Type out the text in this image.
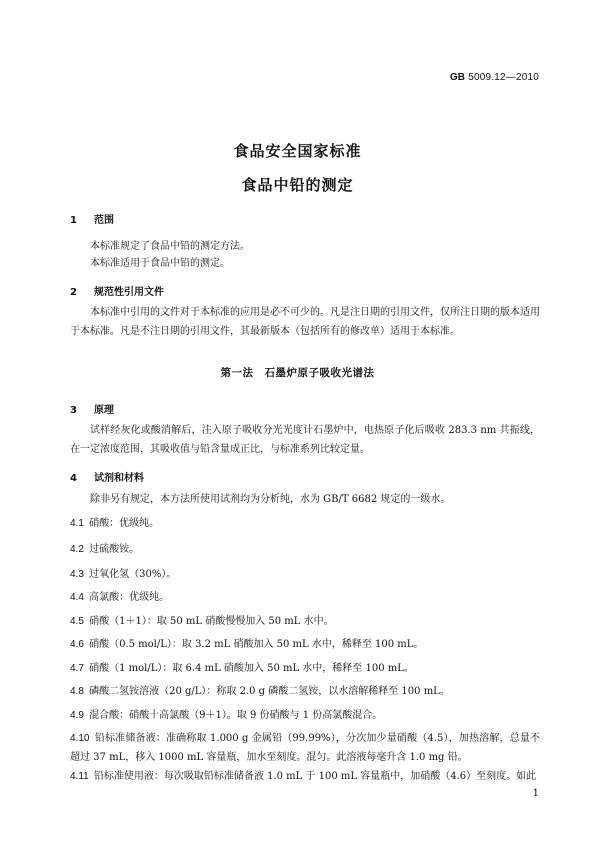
GB 5009.12—2010
食品安全国家标准
食品中铅的测定
1 范围
本标准规定了食品中铅的测定方法。
本标准适用于食品中铅的测定。
2 规范性引用文件
本标准中引用的文件对于本标准的应用是必不可少的。凡是注日期的引用文件，仅所注日期的版本适用于本标准。凡是不注日期的引用文件，其最新版本（包括所有的修改单）适用于本标准。
第一法　石墨炉原子吸收光谱法
3 原理
试样经灰化或酸消解后，注入原子吸收分光光度计石墨炉中，电热原子化后吸收 283.3 nm 共振线，在一定浓度范围，其吸收值与铅含量成正比，与标准系列比较定量。
4 试剂和材料
除非另有规定，本方法所使用试剂均为分析纯，水为 GB/T 6682 规定的一级水。
4.1 硝酸：优级纯。
4.2 过硫酸铵。
4.3 过氧化氢（30%）。
4.4 高氯酸：优级纯。
4.5 硝酸（1＋1）：取 50 mL 硝酸慢慢加入 50 mL 水中。
4.6 硝酸（0.5 mol/L）：取 3.2 mL 硝酸加入 50 mL 水中，稀释至 100 mL。
4.7 硝酸（1 mol/L）：取 6.4 mL 硝酸加入 50 mL 水中，稀释至 100 mL。
4.8 磷酸二氢铵溶液（20 g/L）：称取 2.0 g 磷酸二氢铵，以水溶解稀释至 100 mL。
4.9 混合酸：硝酸十高氯酸（9＋1）。取 9 份硝酸与 1 份高氯酸混合。
4.10 铅标准储备液：准确称取 1.000 g 金属铅（99.99%），分次加少量硝酸（4.5），加热溶解，总量不超过 37 mL，移入 1000 mL 容量瓶，加水至刻度。混匀。此溶液每毫升含 1.0 mg 铅。
4.11 铅标准使用液：每次吸取铅标准储备液 1.0 mL 于 100 mL 容量瓶中，加硝酸（4.6）至刻度。如此
1
